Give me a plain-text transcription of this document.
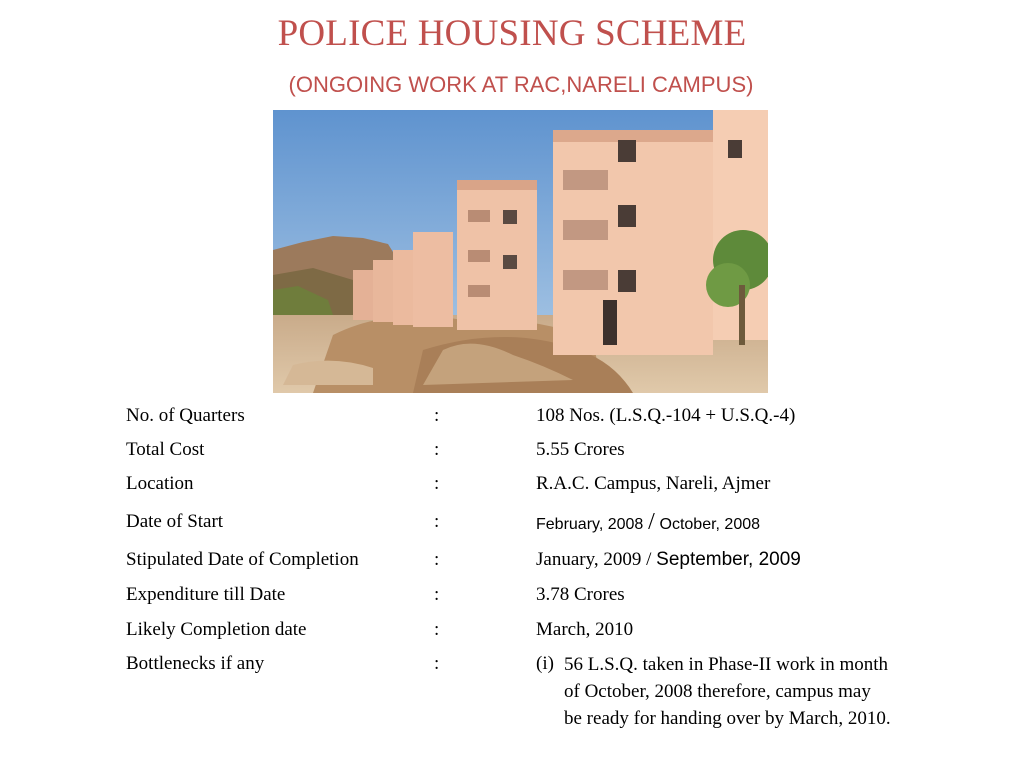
POLICE HOUSING SCHEME
(ONGOING WORK AT RAC,NARELI CAMPUS)
No. of Quarters	:	108 Nos. (L.S.Q.-104 + U.S.Q.-4)
Total Cost	:	5.55 Crores
Location	:	R.A.C. Campus, Nareli, Ajmer
Date of Start	:	February, 2008 / October, 2008
Stipulated Date of Completion	:	January, 2009 / September, 2009
Expenditure till Date	:	3.78 Crores
Likely Completion date	:	March, 2010
Bottlenecks if any	:	(i) 56 L.S.Q. taken in Phase-II work in month
of October, 2008 therefore, campus may
be ready for handing over by March, 2010.
